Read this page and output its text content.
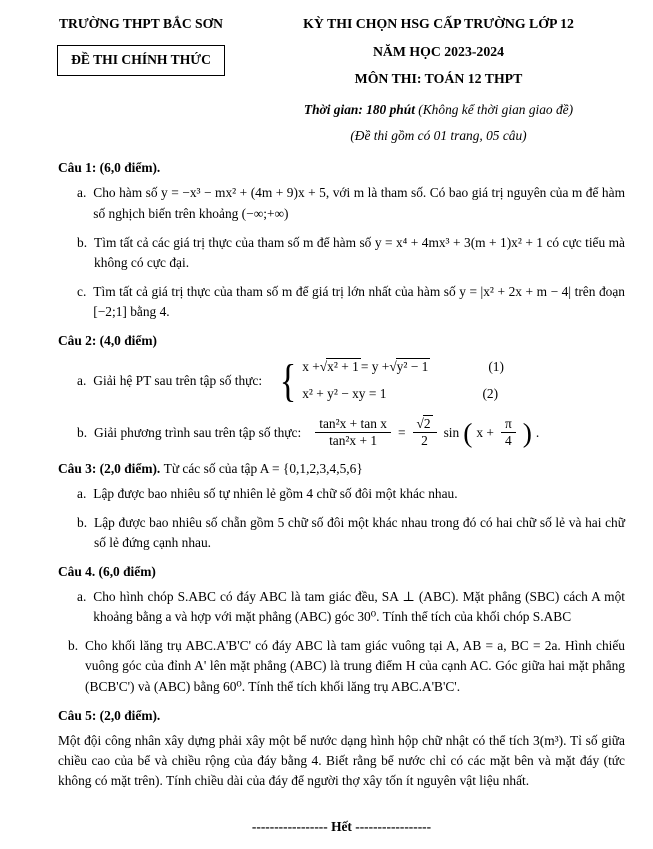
TRƯỜNG THPT BẮC SƠN
ĐỀ THI CHÍNH THỨC
KỲ THI CHỌN HSG CẤP TRƯỜNG LỚP 12
NĂM HỌC 2023-2024
MÔN THI: TOÁN 12 THPT
Thời gian: 180 phút (Không kể thời gian giao đề)
(Đề thi gồm có 01 trang, 05 câu)
Câu 1: (6,0 điểm).
a. Cho hàm số y = −x³ − mx² + (4m + 9)x + 5, với m là tham số. Có bao giá trị nguyên của m để hàm số nghịch biến trên khoảng (−∞;+∞)
b. Tìm tất cả các giá trị thực của tham số m để hàm số y = x⁴ + 4mx³ + 3(m + 1)x² + 1 có cực tiểu mà không có cực đại.
c. Tìm tất cả giá trị thực của tham số m để giá trị lớn nhất của hàm số y = |x² + 2x + m − 4| trên đoạn [−2;1] bằng 4.
Câu 2: (4,0 điểm)
a. Giải hệ PT sau trên tập số thực: { x + √x² + 1 = y + √y² − 1	(1)
x² + y² − xy = 1	(2)
b. Giải phương trình sau trên tập số thực: $\frac{\text{tan²x + tan x}}{\text{tan²x + 1}} = \frac{√2}{2}$ sin ( $x + \frac{\pi}{4}$ ) .
Câu 3: (2,0 điểm). Từ các số của tập A = {0,1,2,3,4,5,6}
a. Lập được bao nhiêu số tự nhiên lẻ gồm 4 chữ số đôi một khác nhau.
b. Lập được bao nhiêu số chẵn gồm 5 chữ số đôi một khác nhau trong đó có hai chữ số lẻ và hai chữ số lẻ đứng cạnh nhau.
Câu 4. (6,0 điểm)
a. Cho hình chóp S.ABC có đáy ABC là tam giác đều, SA ⊥ (ABC). Mặt phẳng (SBC) cách A một khoảng bằng a và hợp với mặt phẳng (ABC) góc 30⁰. Tính thể tích của khối chóp S.ABC
b. Cho khối lăng trụ ABC.A'B'C' có đáy ABC là tam giác vuông tại A, AB = a, BC = 2a. Hình chiếu vuông góc của đỉnh A' lên mặt phẳng (ABC) là trung điểm H của cạnh AC. Góc giữa hai mặt phẳng (BCB'C') và (ABC) bằng 60⁰. Tính thể tích khối lăng trụ ABC.A'B'C'.
Câu 5: (2,0 điểm).
Một đội công nhân xây dựng phải xây một bể nước dạng hình hộp chữ nhật có thể tích 3(m³). Tỉ số giữa chiều cao của bể và chiều rộng của đáy bằng 4. Biết rằng bể nước chỉ có các mặt bên và mặt đáy (tức không có mặt trên). Tính chiều dài của đáy để người thợ xây tốn ít nguyên vật liệu nhất.
----------------- Hết -----------------
